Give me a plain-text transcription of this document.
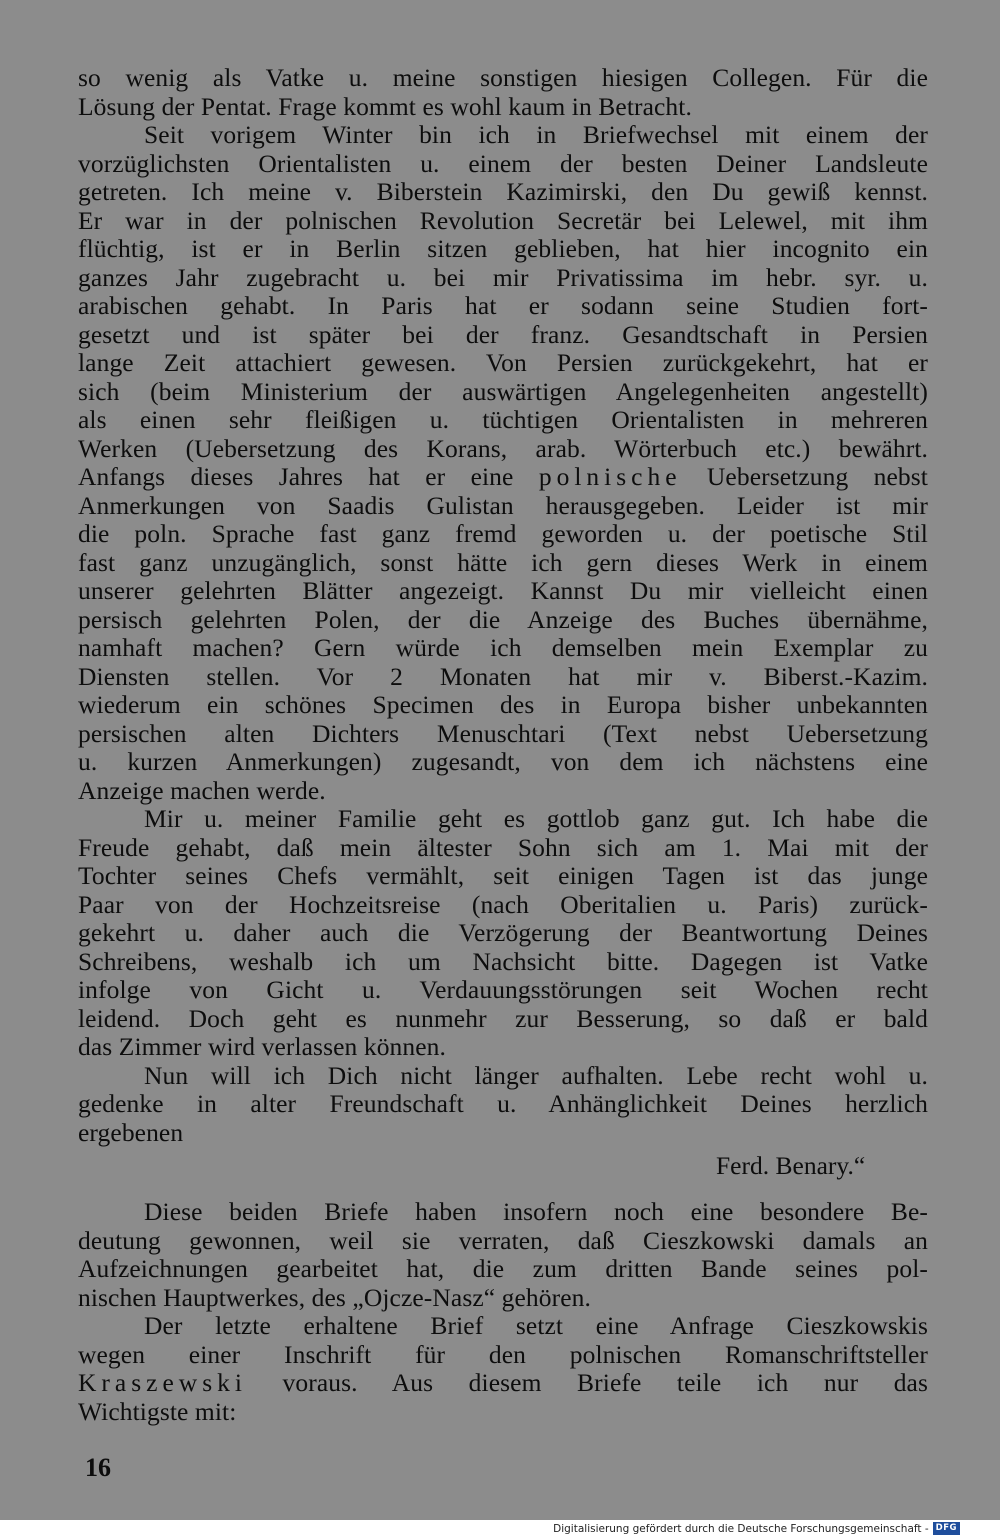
so wenig als Vatke u. meine sonstigen hiesigen Collegen. Für die
Lösung der Pentat. Frage kommt es wohl kaum in Betracht.
Seit vorigem Winter bin ich in Briefwechsel mit einem der
vorzüglichsten Orientalisten u. einem der besten Deiner Landsleute
getreten. Ich meine v. Biberstein Kazimirski, den Du gewiß kennst.
Er war in der polnischen Revolution Secretär bei Lelewel, mit ihm
flüchtig, ist er in Berlin sitzen geblieben, hat hier incognito ein
ganzes Jahr zugebracht u. bei mir Privatissima im hebr. syr. u.
arabischen gehabt. In Paris hat er sodann seine Studien fort-
gesetzt und ist später bei der franz. Gesandtschaft in Persien
lange Zeit attachiert gewesen. Von Persien zurückgekehrt, hat er
sich (beim Ministerium der auswärtigen Angelegenheiten angestellt)
als einen sehr fleißigen u. tüchtigen Orientalisten in mehreren
Werken (Uebersetzung des Korans, arab. Wörterbuch etc.) bewährt.
Anfangs dieses Jahres hat er eine polnische Uebersetzung nebst
Anmerkungen von Saadis Gulistan herausgegeben. Leider ist mir
die poln. Sprache fast ganz fremd geworden u. der poetische Stil
fast ganz unzugänglich, sonst hätte ich gern dieses Werk in einem
unserer gelehrten Blätter angezeigt. Kannst Du mir vielleicht einen
persisch gelehrten Polen, der die Anzeige des Buches übernähme,
namhaft machen? Gern würde ich demselben mein Exemplar zu
Diensten stellen. Vor 2 Monaten hat mir v. Biberst.-Kazim.
wiederum ein schönes Specimen des in Europa bisher unbekannten
persischen alten Dichters Menuschtari (Text nebst Uebersetzung
u. kurzen Anmerkungen) zugesandt, von dem ich nächstens eine
Anzeige machen werde.
Mir u. meiner Familie geht es gottlob ganz gut. Ich habe die
Freude gehabt, daß mein ältester Sohn sich am 1. Mai mit der
Tochter seines Chefs vermählt, seit einigen Tagen ist das junge
Paar von der Hochzeitsreise (nach Oberitalien u. Paris) zurück-
gekehrt u. daher auch die Verzögerung der Beantwortung Deines
Schreibens, weshalb ich um Nachsicht bitte. Dagegen ist Vatke
infolge von Gicht u. Verdauungsstörungen seit Wochen recht
leidend. Doch geht es nunmehr zur Besserung, so daß er bald
das Zimmer wird verlassen können.
Nun will ich Dich nicht länger aufhalten. Lebe recht wohl u.
gedenke in alter Freundschaft u. Anhänglichkeit Deines herzlich
ergebenen
Ferd. Benary.“
Diese beiden Briefe haben insofern noch eine besondere Be-
deutung gewonnen, weil sie verraten, daß Cieszkowski damals an
Aufzeichnungen gearbeitet hat, die zum dritten Bande seines pol-
nischen Hauptwerkes, des „Ojcze-Nasz“ gehören.
Der letzte erhaltene Brief setzt eine Anfrage Cieszkowskis
wegen einer Inschrift für den polnischen Romanschriftsteller
Kraszewski voraus. Aus diesem Briefe teile ich nur das
Wichtigste mit:
16
Digitalisierung gefördert durch die Deutsche Forschungsgemeinschaft - DFG
